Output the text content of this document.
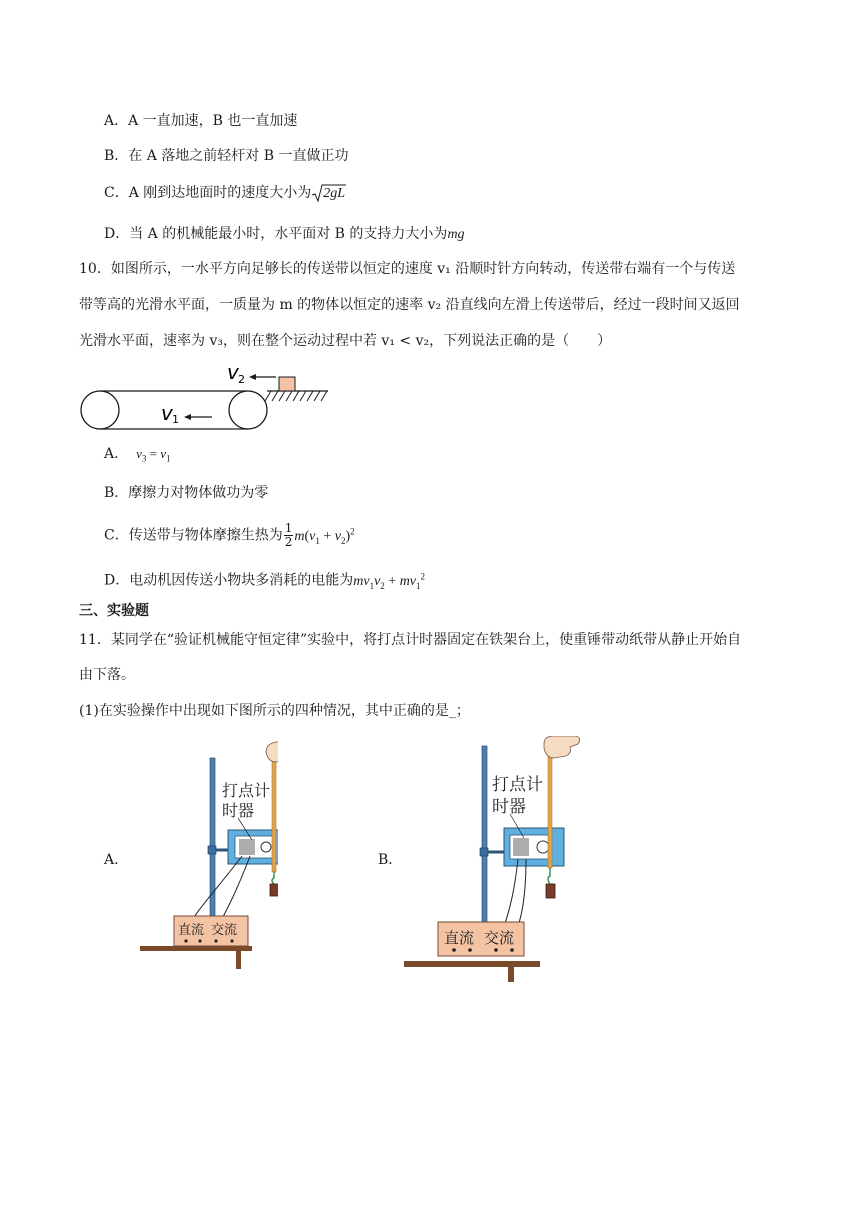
A．A 一直加速，B 也一直加速
B．在 A 落地之前轻杆对 B 一直做正功
C．A 刚到达地面时的速度大小为 2gL
D．当 A 的机械能最小时，水平面对 B 的支持力大小为mg
10．如图所示，一水平方向足够长的传送带以恒定的速度 v₁ 沿顺时针方向转动，传送带右端有一个与传送
带等高的光滑水平面，一质量为 m 的物体以恒定的速率 v₂ 沿直线向左滑上传送带后，经过一段时间又返回
光滑水平面，速率为 v₃，则在整个运动过程中若 v₁ < v₂，下列说法正确的是（　　）
v 1
v 2
A． $v_3 = v_1$
B．摩擦力对物体做功为零
C．传送带与物体摩擦生热为 $\frac{1}{2} m(v_1 + v_2)^2$
D．电动机因传送小物块多消耗的电能为$mv_1v_2 + mv_1^2$
三、实验题
11．某同学在“验证机械能守恒定律”实验中，将打点计时器固定在铁架台上，使重锤带动纸带从静止开始自
由下落。
(1)在实验操作中出现如下图所示的四种情况，其中正确的是_；
A．	B．
直流 交流
打点计
时器
直流 交流
打点计
时器
